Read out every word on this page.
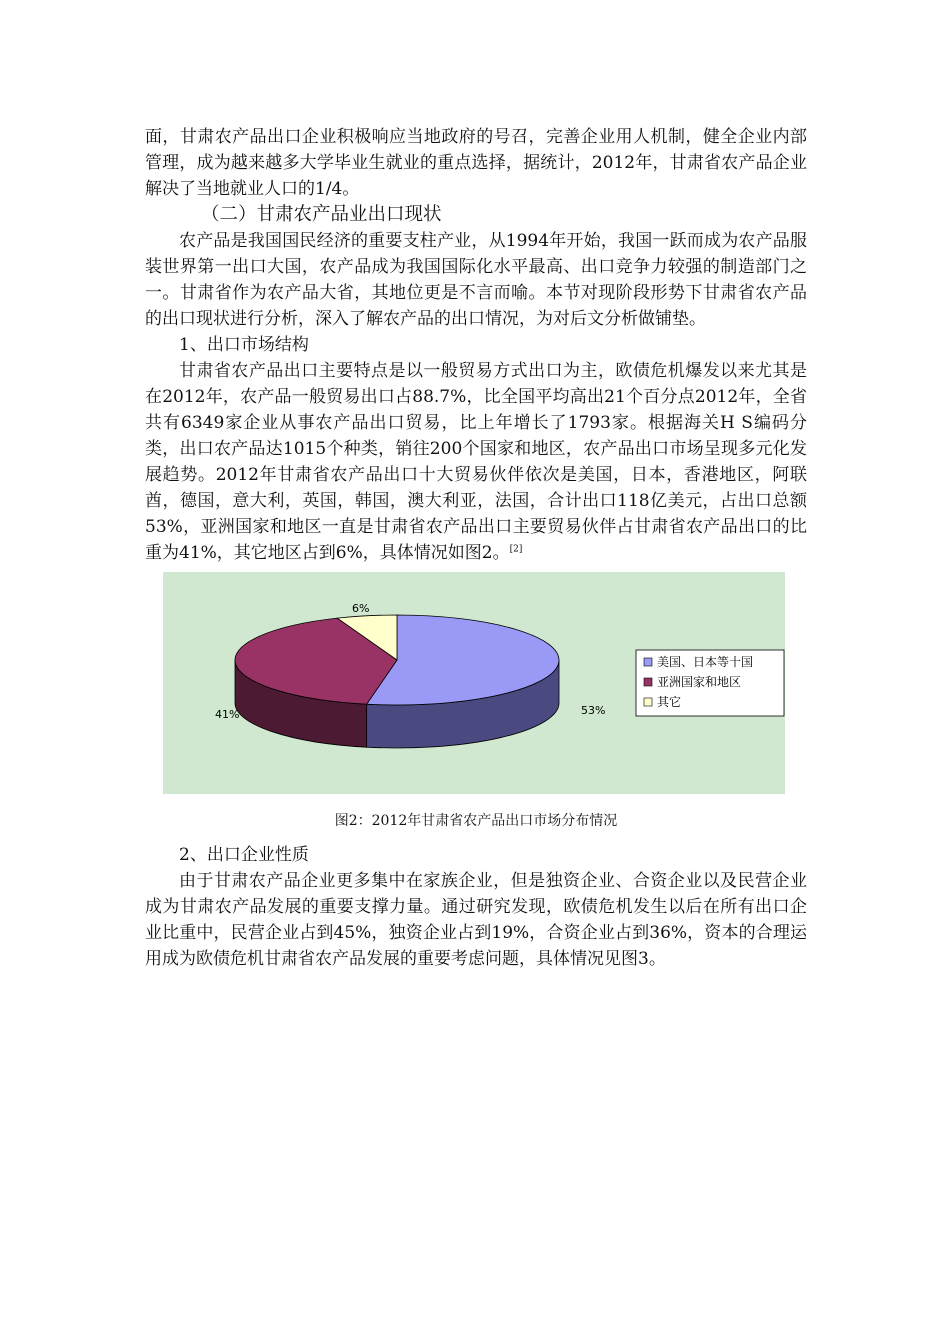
面，甘肃农产品出口企业积极响应当地政府的号召，完善企业用人机制，健全企业内部管理，成为越来越多大学毕业生就业的重点选择，据统计，2012年，甘肃省农产品企业解决了当地就业人口的1/4。

（二）甘肃农产品业出口现状

农产品是我国国民经济的重要支柱产业，从1994年开始，我国一跃而成为农产品服装世界第一出口大国，农产品成为我国国际化水平最高、出口竞争力较强的制造部门之一。甘肃省作为农产品大省，其地位更是不言而喻。本节对现阶段形势下甘肃省农产品的出口现状进行分析，深入了解农产品的出口情况，为对后文分析做铺垫。

1、出口市场结构

甘肃省农产品出口主要特点是以一般贸易方式出口为主，欧债危机爆发以来尤其是在2012年，农产品一般贸易出口占88.7%，比全国平均高出21个百分点2012年，全省共有6349家企业从事农产品出口贸易，比上年增长了1793家。根据海关H S编码分类，出口农产品达1015个种类，销往200个国家和地区，农产品出口市场呈现多元化发展趋势。2012年甘肃省农产品出口十大贸易伙伴依次是美国，日本，香港地区，阿联酋，德国，意大利，英国，韩国，澳大利亚，法国，合计出口118亿美元，占出口总额53%，亚洲国家和地区一直是甘肃省农产品出口主要贸易伙伴占甘肃省农产品出口的比重为41%，其它地区占到6%，具体情况如图2。[2]

53%
41%
6%
美国、日本等十国
亚洲国家和地区
其它

图2：2012年甘肃省农产品出口市场分布情况

2、出口企业性质

由于甘肃农产品企业更多集中在家族企业，但是独资企业、合资企业以及民营企业成为甘肃农产品发展的重要支撑力量。通过研究发现，欧债危机发生以后在所有出口企业比重中，民营企业占到45%，独资企业占到19%，合资企业占到36%，资本的合理运用成为欧债危机甘肃省农产品发展的重要考虑问题，具体情况见图3。
